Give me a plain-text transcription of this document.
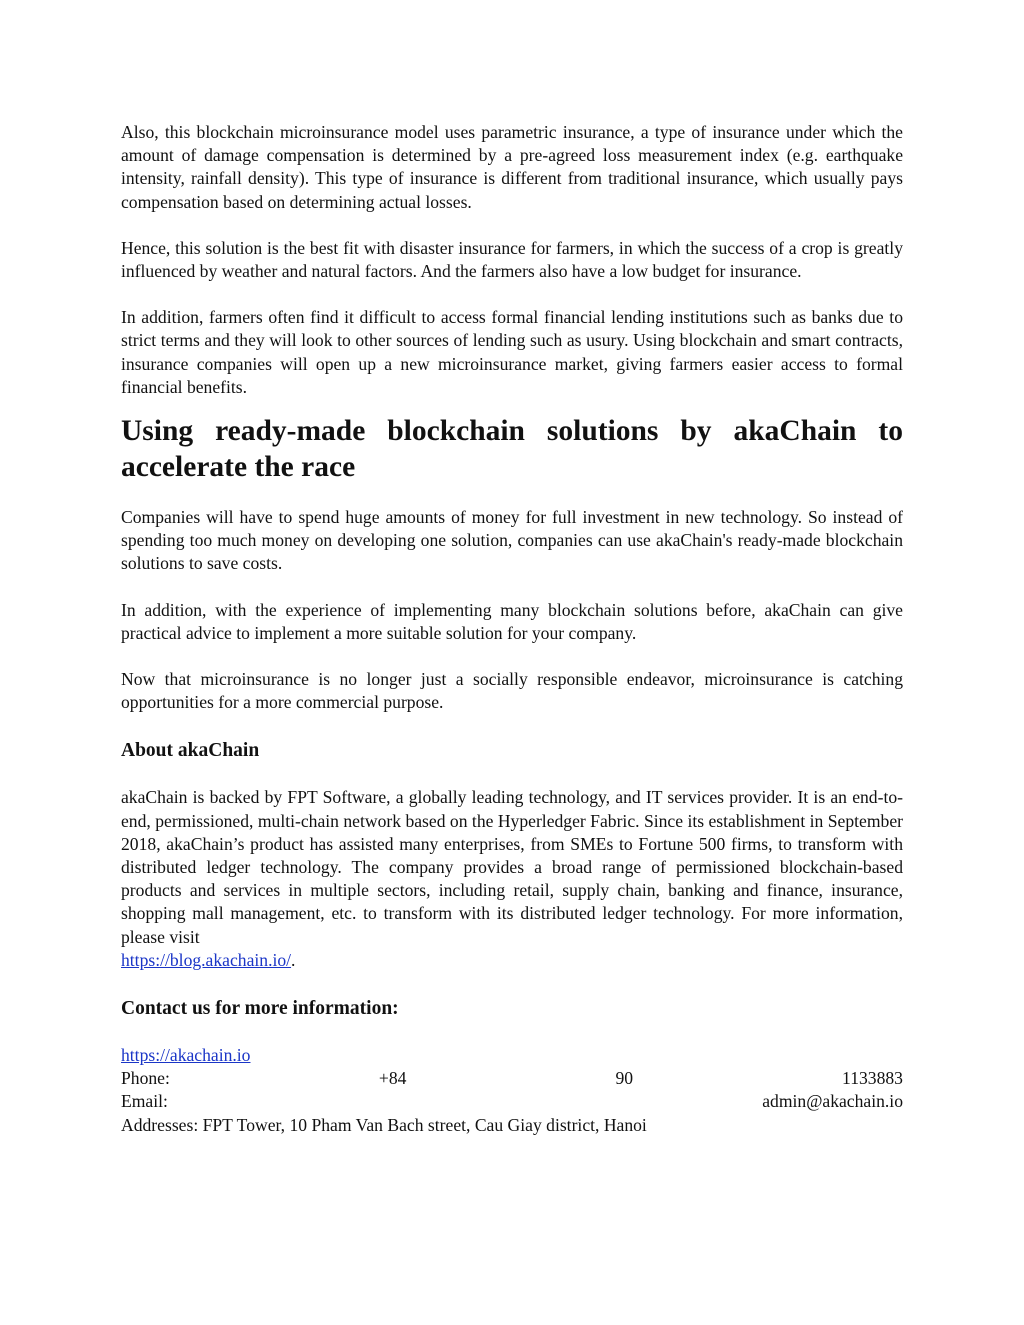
Also, this blockchain microinsurance model uses parametric insurance, a type of insurance under which the amount of damage compensation is determined by a pre-agreed loss measurement index (e.g. earthquake intensity, rainfall density). This type of insurance is different from traditional insurance, which usually pays compensation based on determining actual losses.

Hence, this solution is the best fit with disaster insurance for farmers, in which the success of a crop is greatly influenced by weather and natural factors. And the farmers also have a low budget for insurance.

In addition, farmers often find it difficult to access formal financial lending institutions such as banks due to strict terms and they will look to other sources of lending such as usury. Using blockchain and smart contracts, insurance companies will open up a new microinsurance market, giving farmers easier access to formal financial benefits.

Using ready-made blockchain solutions by akaChain to accelerate the race

Companies will have to spend huge amounts of money for full investment in new technology. So instead of spending too much money on developing one solution, companies can use akaChain's ready-made blockchain solutions to save costs.

In addition, with the experience of implementing many blockchain solutions before, akaChain can give practical advice to implement a more suitable solution for your company.

Now that microinsurance is no longer just a socially responsible endeavor, microinsurance is catching opportunities for a more commercial purpose.

About akaChain

akaChain is backed by FPT Software, a globally leading technology, and IT services provider. It is an end-to-end, permissioned, multi-chain network based on the Hyperledger Fabric. Since its establishment in September 2018, akaChain’s product has assisted many enterprises, from SMEs to Fortune 500 firms, to transform with distributed ledger technology. The company provides a broad range of permissioned blockchain-based products and services in multiple sectors, including retail, supply chain, banking and finance, insurance, shopping mall management, etc. to transform with its distributed ledger technology. For more information, please visit
https://blog.akachain.io/.

Contact us for more information:
https://akachain.io
Phone:	+84	90	1133883
Email:	admin@akachain.io
Addresses: FPT Tower, 10 Pham Van Bach street, Cau Giay district, Hanoi
